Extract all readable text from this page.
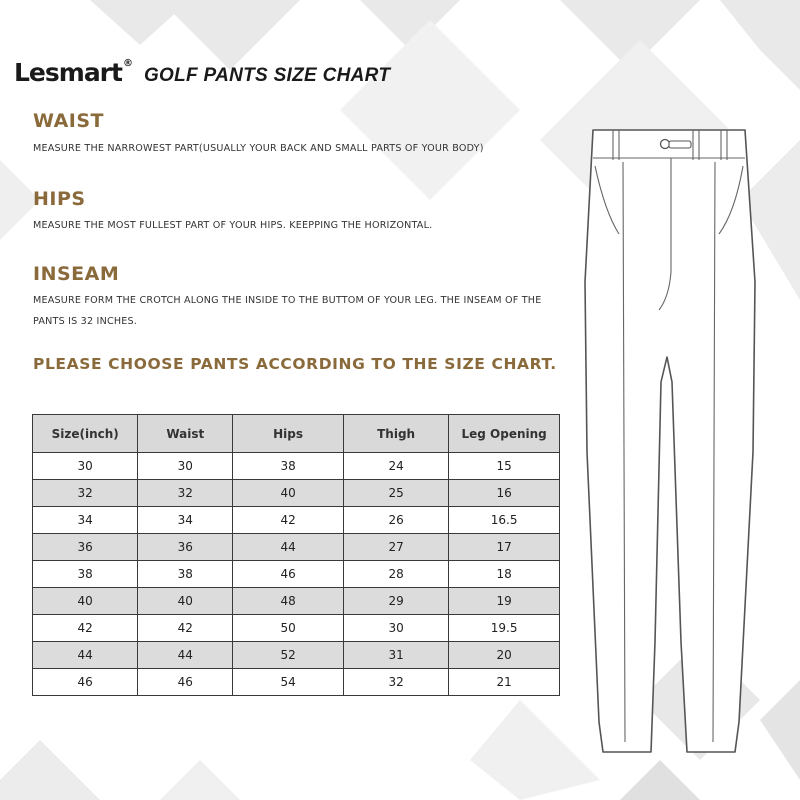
Lesmart®
GOLF PANTS SIZE CHART
WAIST
MEASURE THE NARROWEST PART(USUALLY YOUR BACK AND SMALL PARTS OF YOUR BODY)
HIPS
MEASURE THE MOST FULLEST PART OF YOUR HIPS. KEEPPING THE HORIZONTAL.
INSEAM
MEASURE FORM THE CROTCH ALONG THE INSIDE TO THE BUTTOM OF YOUR LEG. THE INSEAM OF THE PANTS IS 32 INCHES.
PLEASE CHOOSE PANTS ACCORDING TO THE SIZE CHART.
Size(inch)	Waist	Hips	Thigh	Leg Opening
30	30	38	24	15
32	32	40	25	16
34	34	42	26	16.5
36	36	44	27	17
38	38	46	28	18
40	40	48	29	19
42	42	50	30	19.5
44	44	52	31	20
46	46	54	32	21
